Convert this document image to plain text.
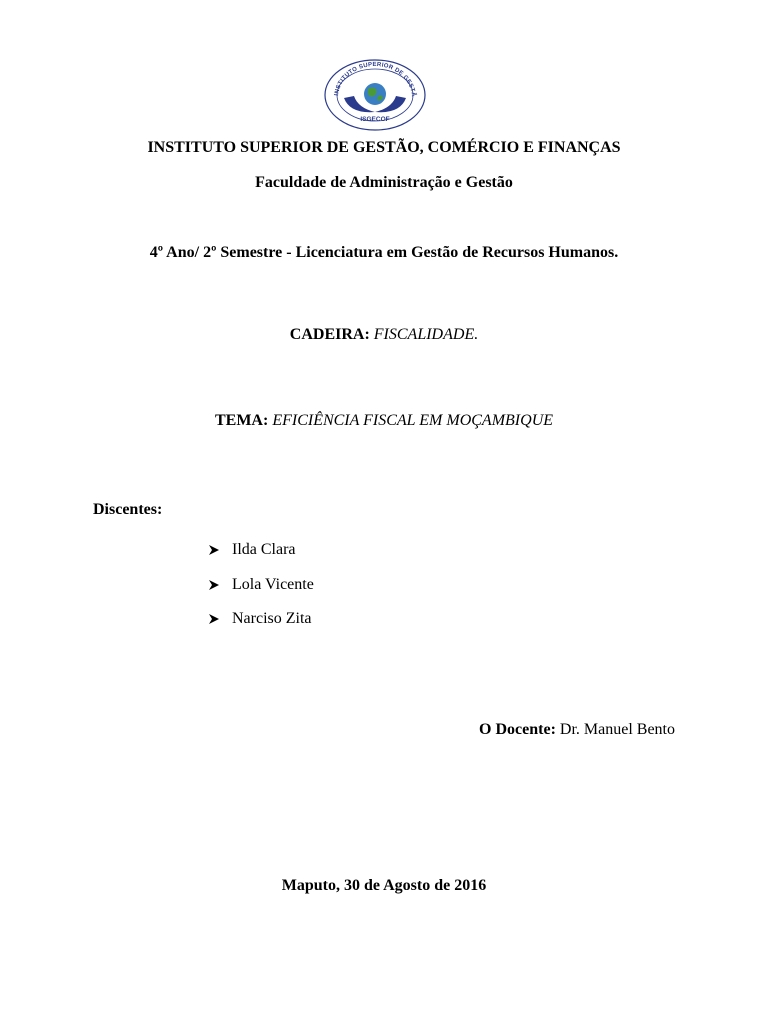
INSTITUTO SUPERIOR DE GESTÃ
ISGECOF
INSTITUTO SUPERIOR DE GESTÃO, COMÉRCIO E FINANÇAS
Faculdade de Administração e Gestão
4º Ano/ 2º Semestre - Licenciatura em Gestão de Recursos Humanos.
CADEIRA: FISCALIDADE.
TEMA: EFICIÊNCIA FISCAL EM MOÇAMBIQUE
Discentes:
Ilda Clara
Lola Vicente
Narciso Zita
O Docente: Dr. Manuel Bento
Maputo, 30 de Agosto de 2016
